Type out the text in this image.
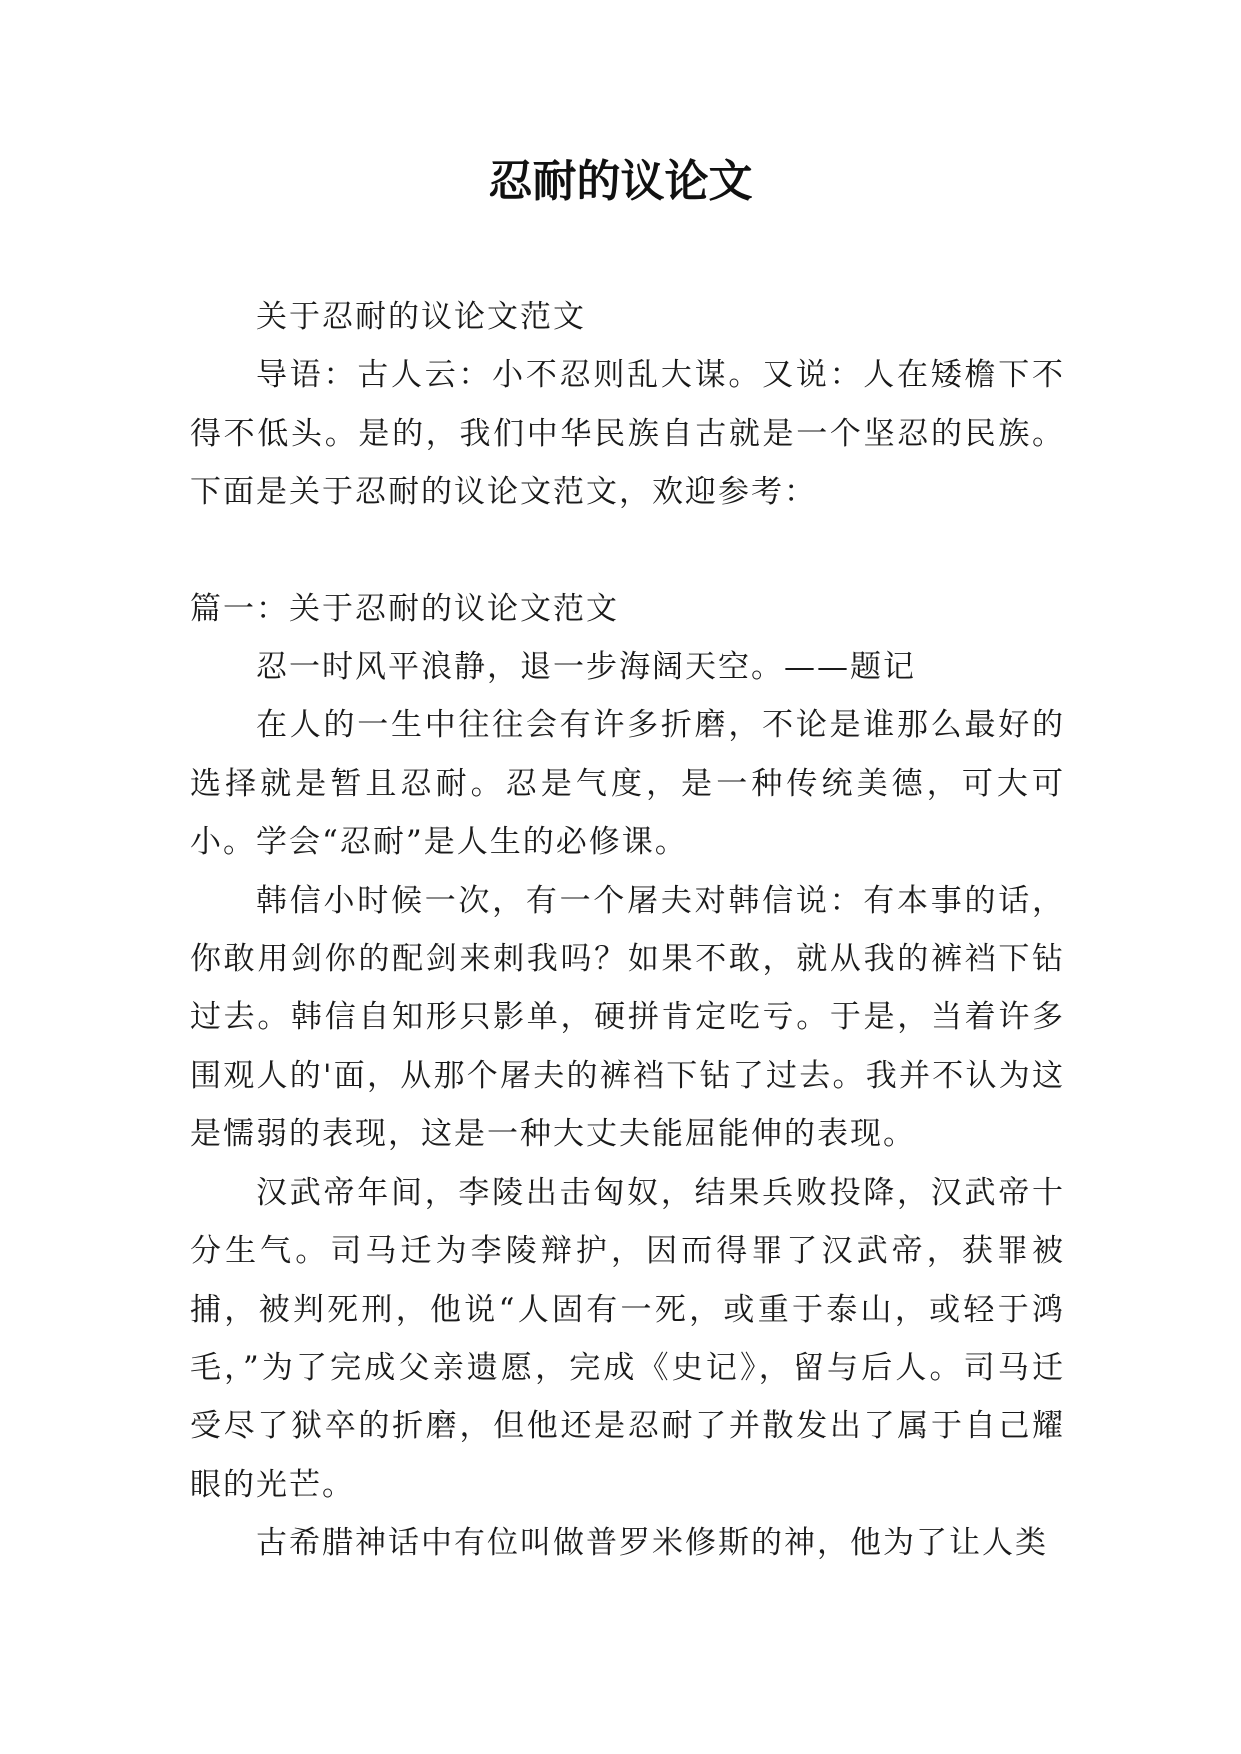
忍耐的议论文

关于忍耐的议论文范文

导语：古人云：小不忍则乱大谋。又说：人在矮檐下不得不低头。是的，我们中华民族自古就是一个坚忍的民族。下面是关于忍耐的议论文范文，欢迎参考：

篇一：关于忍耐的议论文范文

忍一时风平浪静，退一步海阔天空。——题记

在人的一生中往往会有许多折磨，不论是谁那么最好的选择就是暂且忍耐。忍是气度，是一种传统美德，可大可小。学会“忍耐”是人生的必修课。

韩信小时候一次，有一个屠夫对韩信说：有本事的话，你敢用剑你的配剑来刺我吗？如果不敢，就从我的裤裆下钻过去。韩信自知形只影单，硬拼肯定吃亏。于是，当着许多围观人的'面，从那个屠夫的裤裆下钻了过去。我并不认为这是懦弱的表现，这是一种大丈夫能屈能伸的表现。

汉武帝年间，李陵出击匈奴，结果兵败投降，汉武帝十分生气。司马迁为李陵辩护，因而得罪了汉武帝，获罪被捕，被判死刑，他说“人固有一死，或重于泰山，或轻于鸿毛，”为了完成父亲遗愿，完成《史记》，留与后人。司马迁受尽了狱卒的折磨，但他还是忍耐了并散发出了属于自己耀眼的光芒。

古希腊神话中有位叫做普罗米修斯的神，他为了让人类
